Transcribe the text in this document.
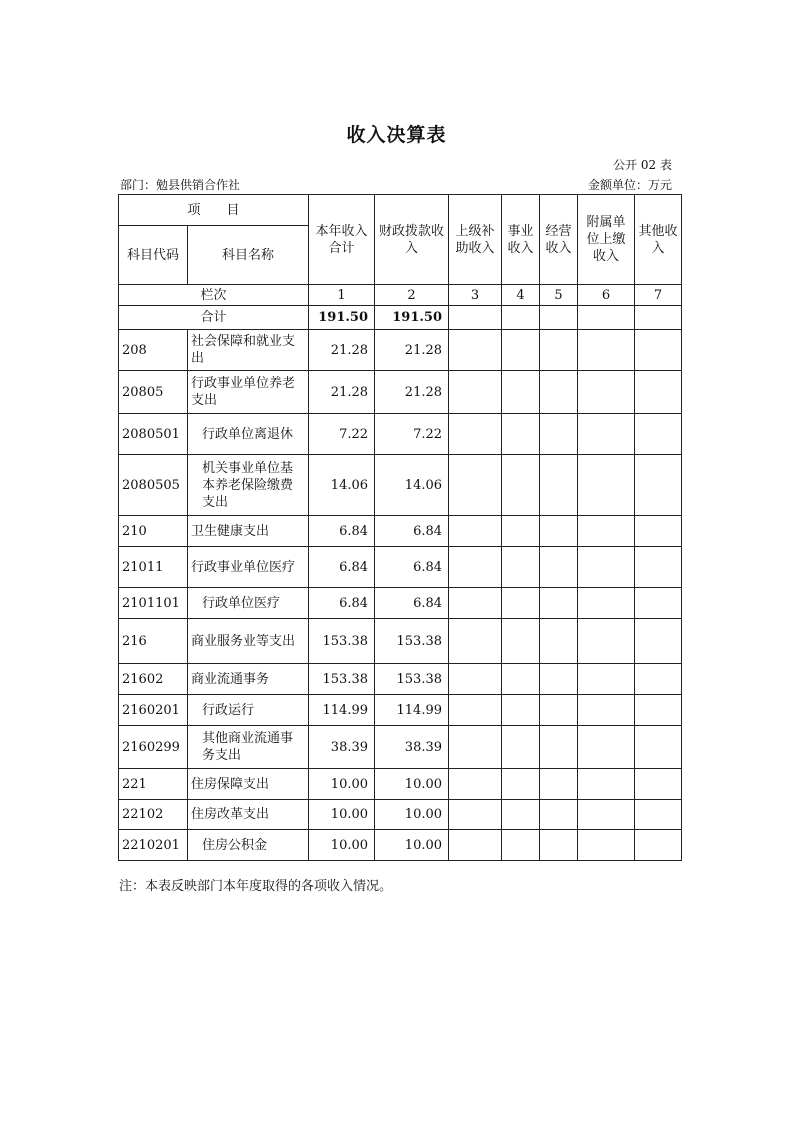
收入决算表
公开 02 表
部门：勉县供销合作社	金额单位：万元
项　　目		本年收入合计	财政拨款收入	上级补助收入	事业收入	经营收入	附属单位上缴收入	其他收入
科目代码	科目名称							
栏次		1	2	3	4	5	6	7
合计		191.50	191.50					
208	社会保障和就业支出	21.28	21.28					
20805	行政事业单位养老支出	21.28	21.28					
2080501	行政单位离退休	7.22	7.22					
2080505	机关事业单位基本养老保险缴费支出	14.06	14.06					
210	卫生健康支出	6.84	6.84					
21011	行政事业单位医疗	6.84	6.84					
2101101	行政单位医疗	6.84	6.84					
216	商业服务业等支出	153.38	153.38					
21602	商业流通事务	153.38	153.38					
2160201	行政运行	114.99	114.99					
2160299	其他商业流通事务支出	38.39	38.39					
221	住房保障支出	10.00	10.00					
22102	住房改革支出	10.00	10.00					
2210201	住房公积金	10.00	10.00					
注：本表反映部门本年度取得的各项收入情况。
